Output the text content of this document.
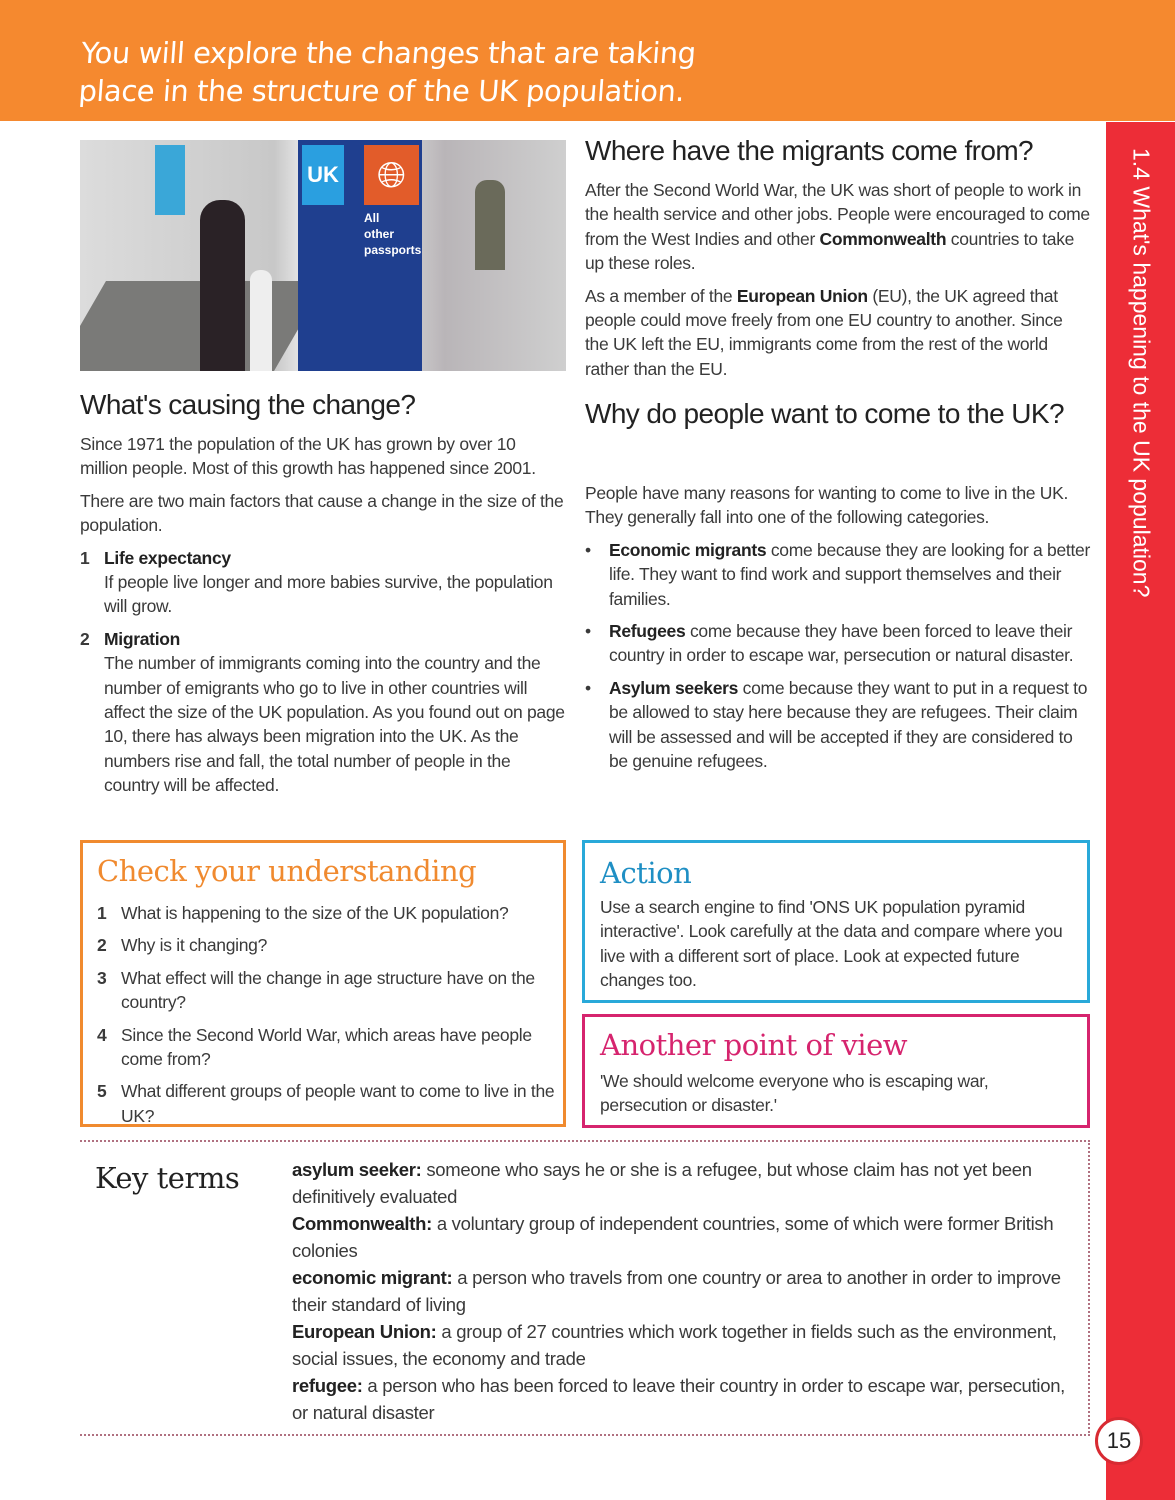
You will explore the changes that are taking
place in the structure of the UK population.
1.4 What's happening to the UK population?
15
UK	🌐︎
All
other
passports
What's causing the change?

Since 1971 the population of the UK has grown by over 10 million people. Most of this growth has happened since 2001.

There are two main factors that cause a change in the size of the population.

1 Life expectancy
If people live longer and more babies survive, the population will grow.
2 Migration
The number of immigrants coming into the country and the number of emigrants who go to live in other countries will affect the size of the UK population. As you found out on page 10, there has always been migration into the UK. As the numbers rise and fall, the total number of people in the country will be affected.
Where have the migrants come from?

After the Second World War, the UK was short of people to work in the health service and other jobs. People were encouraged to come from the West Indies and other Commonwealth countries to take up these roles.

As a member of the European Union (EU), the UK agreed that people could move freely from one EU country to another. Since the UK left the EU, immigrants come from the rest of the world rather than the EU.

Why do people want to come to the UK?

People have many reasons for wanting to come to live in the UK. They generally fall into one of the following categories.

•	Economic migrants come because they are looking for a better life. They want to find work and support themselves and their families.
•	Refugees come because they have been forced to leave their country in order to escape war, persecution or natural disaster.
•	Asylum seekers come because they want to put in a request to be allowed to stay here because they are refugees. Their claim will be assessed and will be accepted if they are considered to be genuine refugees.
Check your understanding
1 What is happening to the size of the UK population?
2 Why is it changing?
3 What effect will the change in age structure have on the country?
4 Since the Second World War, which areas have people come from?
5 What different groups of people want to come to live in the UK?
Action
Use a search engine to find 'ONS UK population pyramid interactive'. Look carefully at the data and compare where you live with a different sort of place. Look at expected future changes too.
Another point of view
'We should welcome everyone who is escaping war, persecution or disaster.'
Key terms	asylum seeker: someone who says he or she is a refugee, but whose claim has not yet been definitively evaluated
Commonwealth: a voluntary group of independent countries, some of which were former British colonies
economic migrant: a person who travels from one country or area to another in order to improve their standard of living
European Union: a group of 27 countries which work together in fields such as the environment, social issues, the economy and trade
refugee: a person who has been forced to leave their country in order to escape war, persecution, or natural disaster
